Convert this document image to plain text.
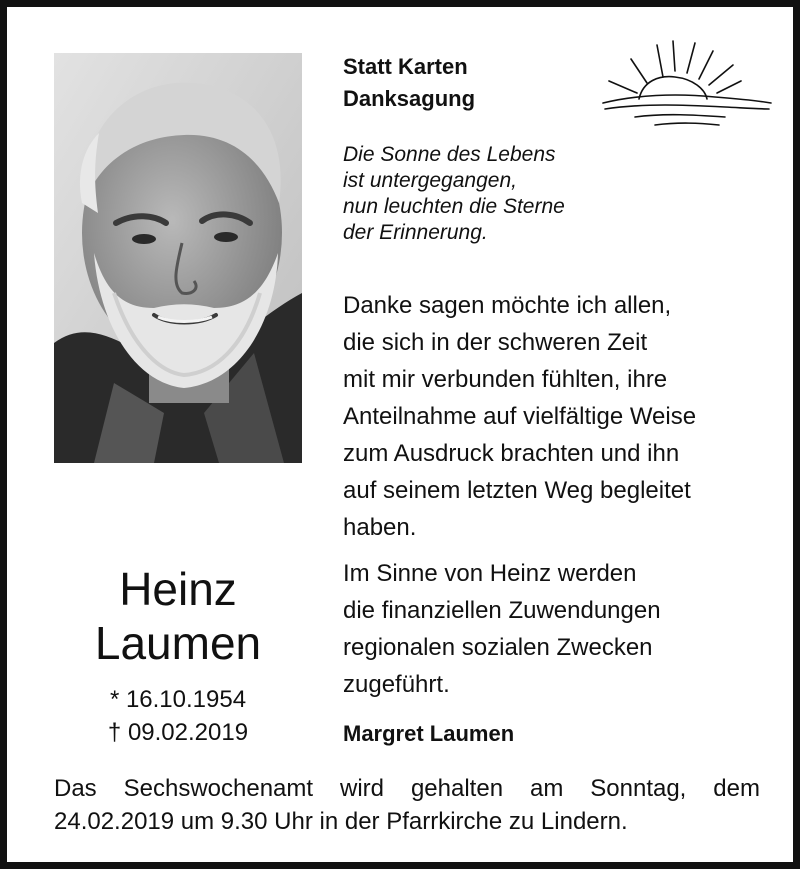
Statt Karten
Danksagung
Die Sonne des Lebens
ist untergegangen,
nun leuchten die Sterne
der Erinnerung.
Danke sagen möchte ich allen,
die sich in der schweren Zeit
mit mir verbunden fühlten, ihre
Anteilnahme auf vielfältige Weise
zum Ausdruck brachten und ihn
auf seinem letzten Weg begleitet
haben.
Im Sinne von Heinz werden
die finanziellen Zuwendungen
regionalen sozialen Zwecken
zugeführt.
Margret Laumen
Heinz
Laumen
* 16.10.1954
† 09.02.2019
Das Sechswochenamt wird gehalten am Sonntag, dem
24.02.2019 um 9.30 Uhr in der Pfarrkirche zu Lindern.
